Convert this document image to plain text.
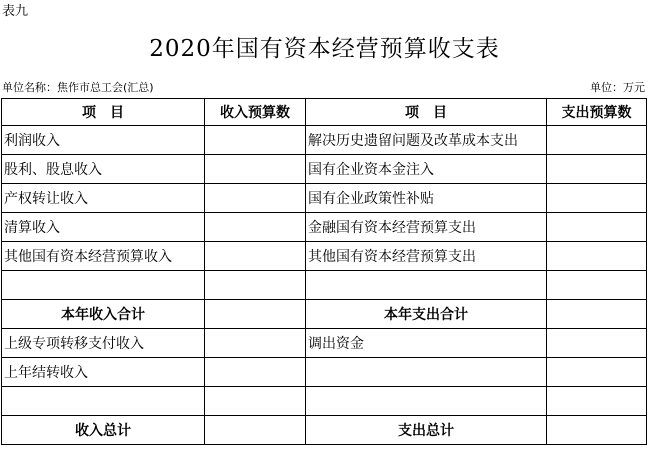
表九
2020年国有资本经营预算收支表
单位名称：焦作市总工会(汇总)	单位：万元
项　目	收入预算数	项　目	支出预算数
利润收入		解决历史遗留问题及改革成本支出	
股利、股息收入		国有企业资本金注入	
产权转让收入		国有企业政策性补贴	
清算收入		金融国有资本经营预算支出	
其他国有资本经营预算收入		其他国有资本经营预算支出	

本年收入合计		本年支出合计	
上级专项转移支付收入		调出资金	
上年结转收入			

收入总计		支出总计	
